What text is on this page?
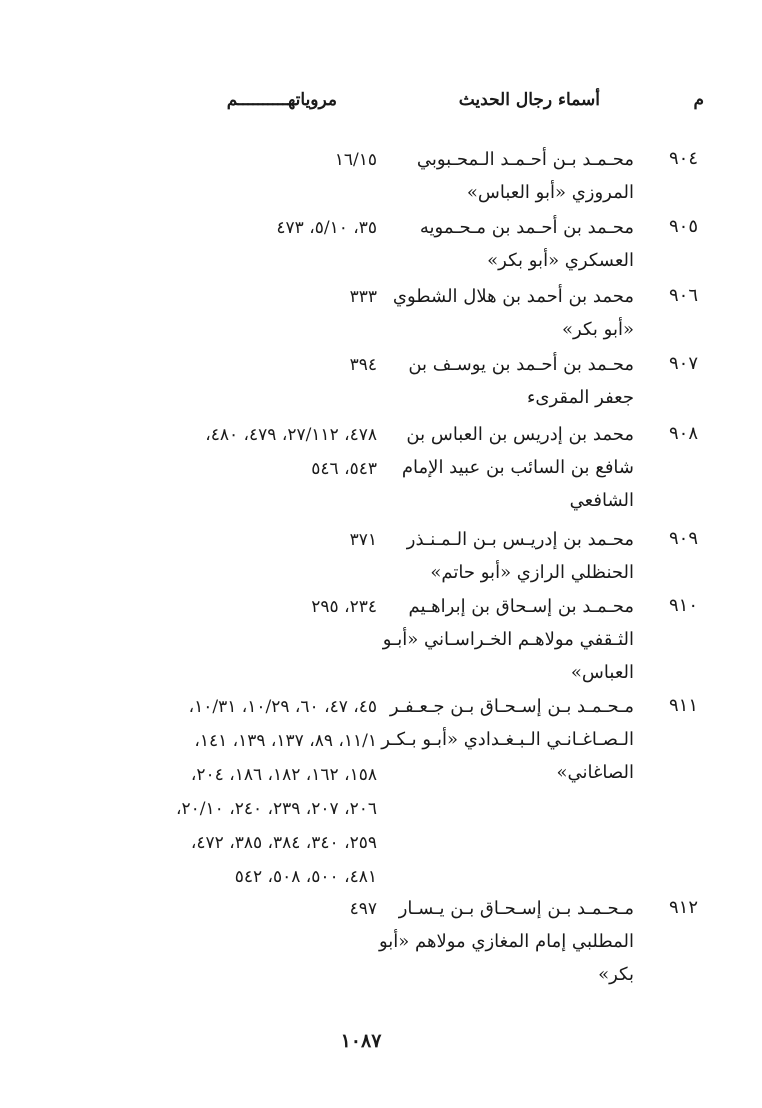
م
أسماء رجال الحديث
مروياتهــــــــــم
٩٠٤
محـمـد بـن أحـمـد الـمحـبوبي
المروزي «أبو العباس»
١٦/١٥
٩٠٥
محـمد بن أحـمد بن مـحـمويه
العسكري «أبو بكر»
٣٥، ٥/١٠، ٤٧٣
٩٠٦
محمد بن أحمد بن هلال الشطوي
«أبو بكر»
٣٣٣
٩٠٧
محـمد بن أحـمد بن يوسـف بن
جعفر المقرىء
٣٩٤
٩٠٨
محمد بن إدريس بن العباس بن
شافع بن السائب بن عبيد الإمام
الشافعي
٤٧٨، ٢٧/١١٢، ٤٧٩، ٤٨٠،
٥٤٣، ٥٤٦
٩٠٩
محـمد بن إدريـس بـن الـمـنـذر
الحنظلي الرازي «أبو حاتم»
٣٧١
٩١٠
محـمـد بن إسـحاق بن إبراهـيم
الثـقفي مولاهـم الخـراسـاني «أبـو
العباس»
٢٣٤، ٢٩٥
٩١١
مـحـمـد بـن إسـحـاق بـن جـعـفـر
الـصـاغـانـي الـبـغـدادي «أبـو بـكـر
الصاغاني»
٤٥، ٤٧، ٦٠، ١٠/٢٩، ١٠/٣١،
١١/١، ٨٩، ١٣٧، ١٣٩، ١٤١،
١٥٨، ١٦٢، ١٨٢، ١٨٦، ٢٠٤،
٢٠٦، ٢٠٧، ٢٣٩، ٢٤٠، ٢٠/١٠،
٢٥٩، ٣٤٠، ٣٨٤، ٣٨٥، ٤٧٢،
٤٨١، ٥٠٠، ٥٠٨، ٥٤٢
٩١٢
مـحـمـد بـن إسـحـاق بـن يـسـار
المطلبي إمام المغازي مولاهم «أبو
بكر»
٤٩٧
١٠٨٧
